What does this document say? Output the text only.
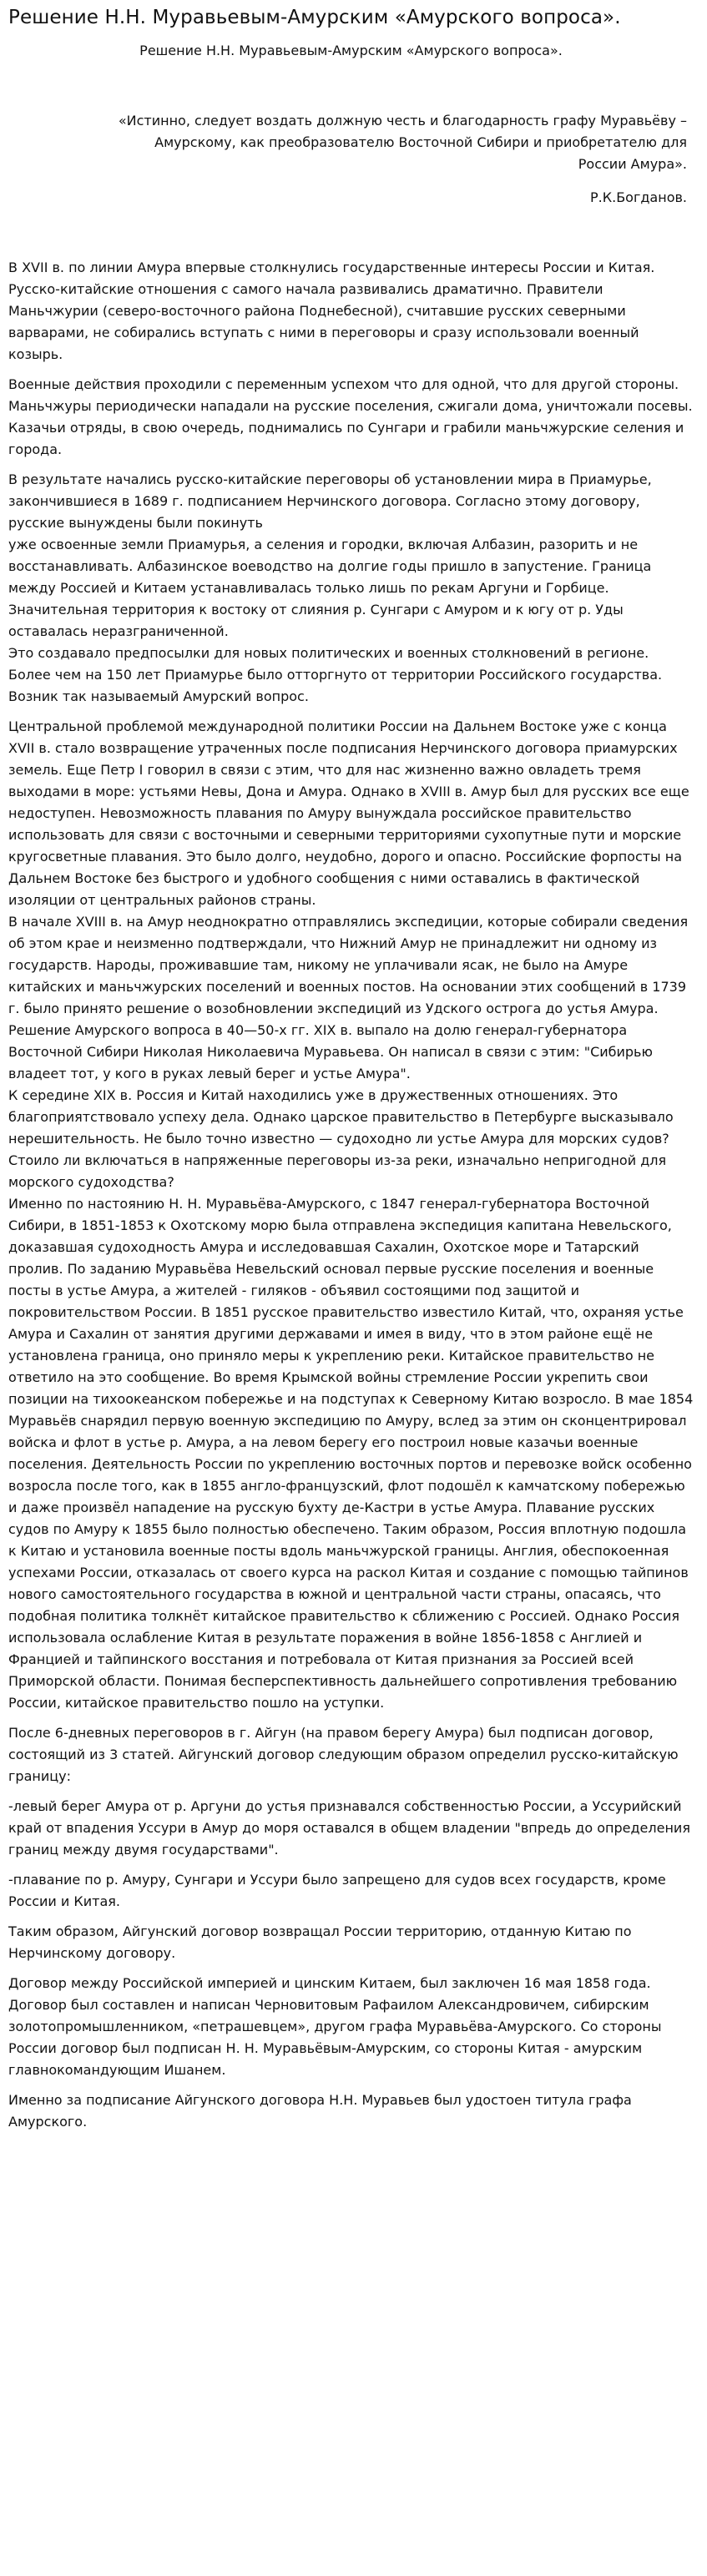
Решение Н.Н. Муравьевым-Амурским «Амурского вопроса».
Решение Н.Н. Муравьевым-Амурским «Амурского вопроса».
«Истинно, следует воздать должную честь и благодарность графу Муравьёву – Амурскому, как преобразователю Восточной Сибири и приобретателю для России Амура».
Р.К.Богданов.

В XVII в. по линии Амура впервые столкнулись государственные интересы России и Китая. Русско-китайские отношения с самого начала развивались драматично. Правители Маньчжурии (северо-восточного района Поднебесной), считавшие русских северными варварами, не собирались вступать с ними в переговоры и сразу использовали военный козырь.

Военные действия проходили с переменным успехом что для одной, что для другой стороны. Маньчжуры периодически нападали на русские поселения, сжигали дома, уничтожали посевы. Казачьи отряды, в свою очередь, поднимались по Сунгари и грабили маньчжурские селения и города.

В результате начались русско-китайские переговоры об установлении мира в Приамурье, закончившиеся в 1689 г. подписанием Нерчинского договора. Согласно этому договору, русские вынуждены были покинуть
уже освоенные земли Приамурья, а селения и городки, включая Албазин, разорить и не восстанавливать. Албазинское воеводство на долгие годы пришло в запустение. Граница между Россией и Китаем устанавливалась только лишь по рекам Аргуни и Горбице. Значительная территория к востоку от слияния р. Сунгари с Амуром и к югу от р. Уды оставалась неразграниченной.
Это создавало предпосылки для новых политических и военных столкновений в регионе.
Более чем на 150 лет Приамурье было отторгнуто от территории Российского государства. Возник так называемый Амурский вопрос.

Центральной проблемой международной политики России на Дальнем Востоке уже с конца XVII в. стало возвращение утраченных после подписания Нерчинского договора приамурских земель. Еще Петр I говорил в связи с этим, что для нас жизненно важно овладеть тремя выходами в море: устьями Невы, Дона и Амура. Однако в XVIII в. Амур был для русских все еще недоступен. Невозможность плавания по Амуру вынуждала российское правительство использовать для связи с восточными и северными территориями сухопутные пути и морские кругосветные плавания. Это было долго, неудобно, дорого и опасно. Российские форпосты на Дальнем Востоке без быстрого и удобного сообщения с ними оставались в фактической изоляции от центральных районов страны.
В начале XVIII в. на Амур неоднократно отправлялись экспедиции, которые собирали сведения об этом крае и неизменно подтверждали, что Нижний Амур не принадлежит ни одному из государств. Народы, проживавшие там, никому не уплачивали ясак, не было на Амуре китайских и маньчжурских поселений и военных постов. На основании этих сообщений в 1739 г. было принято решение о возобновлении экспедиций из Удского острога до устья Амура.
Решение Амурского вопроса в 40—50-х гг. XIX в. выпало на долю генерал-губернатора Восточной Сибири Николая Николаевича Муравьева. Он написал в связи с этим: "Сибирью владеет тот, у кого в руках левый берег и устье Амура".
К середине XIX в. Россия и Китай находились уже в дружественных отношениях. Это благоприятствовало успеху дела. Однако царское правительство в Петербурге высказывало нерешительность. Не было точно известно — судоходно ли устье Амура для морских судов? Стоило ли включаться в напряженные переговоры из-за реки, изначально непригодной для морского судоходства?
Именно по настоянию Н. Н. Муравьёва-Амурского, с 1847 генерал-губернатора Восточной Сибири, в 1851-1853 к Охотскому морю была отправлена экспедиция капитана Невельского, доказавшая судоходность Амура и исследовавшая Сахалин, Охотское море и Татарский пролив. По заданию Муравьёва Невельский основал первые русские поселения и военные посты в устье Амура, а жителей - гиляков - объявил состоящими под защитой и покровительством России. В 1851 русское правительство известило Китай, что, охраняя устье Амура и Сахалин от занятия другими державами и имея в виду, что в этом районе ещё не установлена граница, оно приняло меры к укреплению реки. Китайское правительство не ответило на это сообщение. Во время Крымской войны стремление России укрепить свои позиции на тихоокеанском побережье и на подступах к Северному Китаю возросло. В мае 1854 Муравьёв снарядил первую военную экспедицию по Амуру, вслед за этим он сконцентрировал войска и флот в устье р. Амура, а на левом берегу его построил новые казачьи военные поселения. Деятельность России по укреплению восточных портов и перевозке войск особенно возросла после того, как в 1855 англо-французский, флот подошёл к камчатскому побережью и даже произвёл нападение на русскую бухту де-Кастри в устье Амура. Плавание русских судов по Амуру к 1855 было полностью обеспечено. Таким образом, Россия вплотную подошла к Китаю и установила военные посты вдоль маньчжурской границы. Англия, обеспокоенная успехами России, отказалась от своего курса на раскол Китая и создание с помощью тайпинов нового самостоятельного государства в южной и центральной части страны, опасаясь, что подобная политика толкнёт китайское правительство к сближению с Россией. Однако Россия использовала ослабление Китая в результате поражения в войне 1856-1858 с Англией и Францией и тайпинского восстания и потребовала от Китая признания за Россией всей Приморской области. Понимая бесперспективность дальнейшего сопротивления требованию России, китайское правительство пошло на уступки.

После 6-дневных переговоров в г. Айгун (на правом берегу Амура) был подписан договор, состоящий из 3 статей. Айгунский договор следующим образом определил русско-китайскую границу:

-левый берег Амура от р. Аргуни до устья признавался собственностью России, а Уссурийский край от впадения Уссури в Амур до моря оставался в общем владении "впредь до определения границ между двумя государствами".

-плавание по р. Амуру, Сунгари и Уссури было запрещено для судов всех государств, кроме России и Китая.

Таким образом, Айгунский договор возвращал России территорию, отданную Китаю по Нерчинскому договору.

Договор между Российской империей и цинским Китаем, был заключен 16 мая 1858 года. Договор был составлен и написан Черновитовым Рафаилом Александровичем, сибирским золотопромышленником, «петрашевцем», другом графа Муравьёва-Амурского. Со стороны России договор был подписан Н. Н. Муравьёвым-Амурским, со стороны Китая - амурским главнокомандующим Ишанем.

Именно за подписание Айгунского договора Н.Н. Муравьев был удостоен титула графа Амурского.
